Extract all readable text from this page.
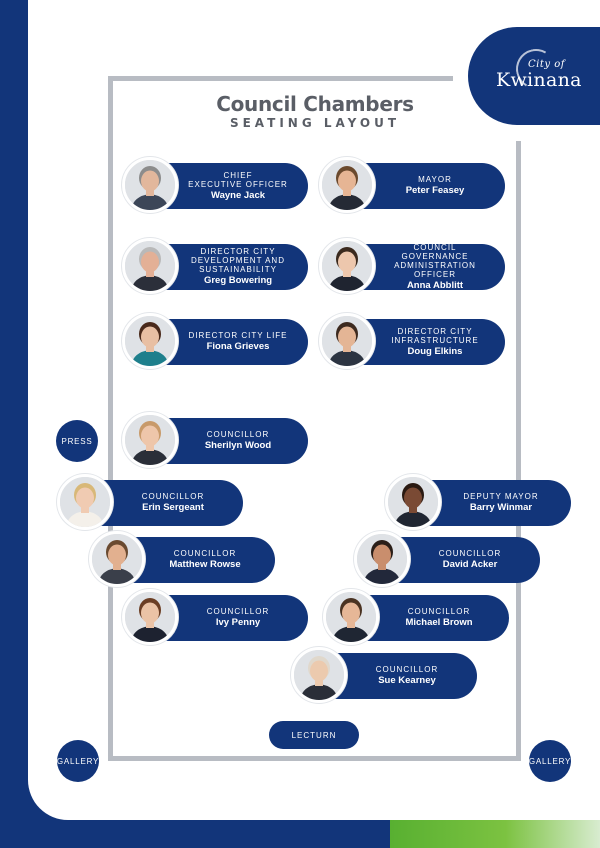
City of
Kwinana
Council Chambers
SEATING LAYOUT
CHIEF
EXECUTIVE OFFICER
Wayne Jack
MAYOR
Peter Feasey
DIRECTOR CITY
DEVELOPMENT AND
SUSTAINABILITY
Greg Bowering
COUNCIL GOVERNANCE
ADMINISTRATION
OFFICER
Anna Abblitt
DIRECTOR CITY LIFE
Fiona Grieves
DIRECTOR CITY
INFRASTRUCTURE
Doug Elkins
COUNCILLOR
Sherilyn Wood
COUNCILLOR
Erin Sergeant
COUNCILLOR
Matthew Rowse
DEPUTY MAYOR
Barry Winmar
COUNCILLOR
David Acker
COUNCILLOR
Ivy Penny
COUNCILLOR
Michael Brown
COUNCILLOR
Sue Kearney
PRESS
GALLERY	GALLERY
LECTURN
